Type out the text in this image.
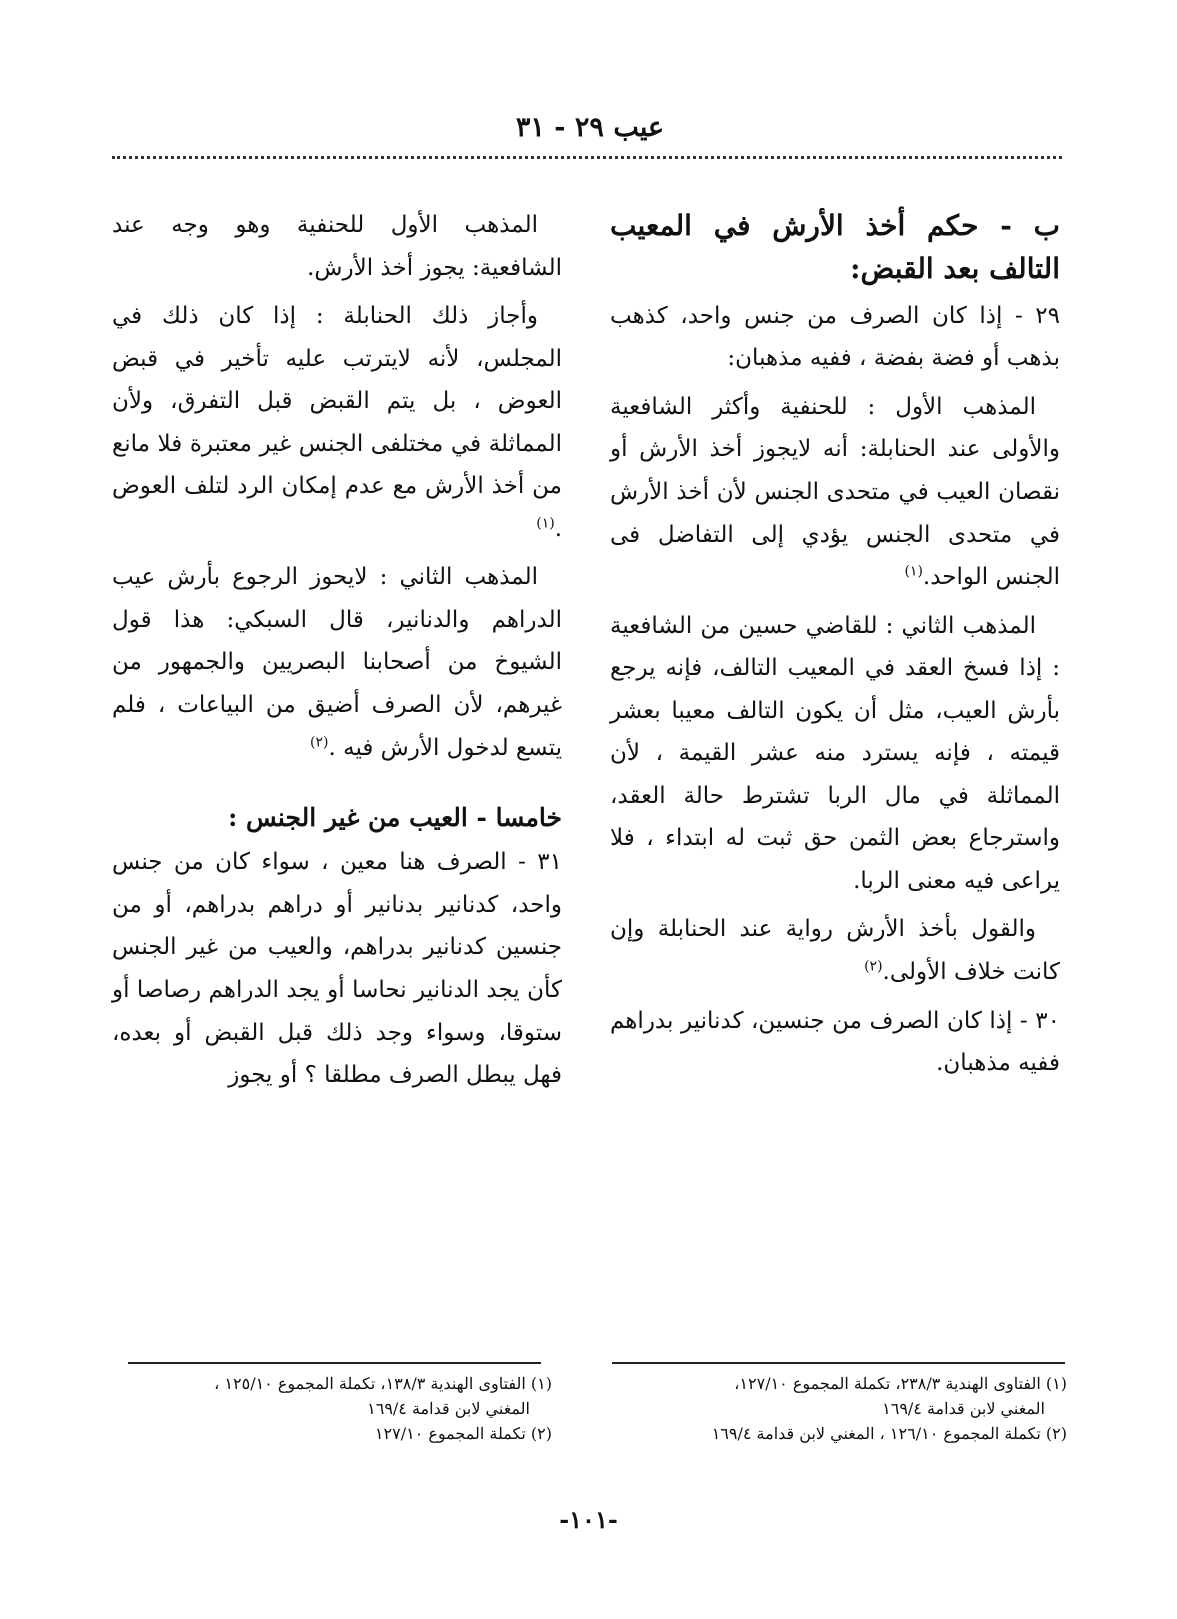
عيب ٢٩ - ٣١
ب - حكم أخذ الأرش في المعيب التالف بعد القبض:

٢٩ - إذا كان الصرف من جنس واحد، كذهب بذهب أو فضة بفضة ، ففيه مذهبان:

المذهب الأول : للحنفية وأكثر الشافعية والأولى عند الحنابلة: أنه لايجوز أخذ الأرش أو نقصان العيب في متحدى الجنس لأن أخذ الأرش في متحدى الجنس يؤدي إلى التفاضل فى الجنس الواحد.$^{(١)}$

المذهب الثاني : للقاضي حسين من الشافعية : إذا فسخ العقد في المعيب التالف، فإنه يرجع بأرش العيب، مثل أن يكون التالف معيبا بعشر قيمته ، فإنه يسترد منه عشر القيمة ، لأن المماثلة في مال الربا تشترط حالة العقد، واسترجاع بعض الثمن حق ثبت له ابتداء ، فلا يراعى فيه معنى الربا.

والقول بأخذ الأرش رواية عند الحنابلة وإن كانت خلاف الأولى.$^{(٢)}$

٣٠ - إذا كان الصرف من جنسين، كدنانير بدراهم ففيه مذهبان.

المذهب الأول للحنفية وهو وجه عند الشافعية: يجوز أخذ الأرش.

وأجاز ذلك الحنابلة : إذا كان ذلك في المجلس، لأنه لايترتب عليه تأخير في قبض العوض ، بل يتم القبض قبل التفرق، ولأن المماثلة في مختلفى الجنس غير معتبرة فلا مانع من أخذ الأرش مع عدم إمكان الرد لتلف العوض .$^{(١)}$

المذهب الثاني : لايحوز الرجوع بأرش عيب الدراهم والدنانير، قال السبكي: هذا قول الشيوخ من أصحابنا البصريين والجمهور من غيرهم، لأن الصرف أضيق من البياعات ، فلم يتسع لدخول الأرش فيه .$^{(٢)}$

خامسا - العيب من غير الجنس :

٣١ - الصرف هنا معين ، سواء كان من جنس واحد، كدنانير بدنانير أو دراهم بدراهم، أو من جنسين كدنانير بدراهم، والعيب من غير الجنس كأن يجد الدنانير نحاسا أو يجد الدراهم رصاصا أو ستوقا، وسواء وجد ذلك قبل القبض أو بعده، فهل يبطل الصرف مطلقا ؟ أو يجوز

(١) الفتاوى الهندية ٢٣٨/٣، تكملة المجموع ١٢٧/١٠،
المغني لابن قدامة ١٦٩/٤
(٢) تكملة المجموع ١٢٦/١٠ ، المغني لابن قدامة ١٦٩/٤
(١) الفتاوى الهندية ١٣٨/٣، تكملة المجموع ١٢٥/١٠ ،
المغني لابن قدامة ١٦٩/٤
(٢) تكملة المجموع ١٢٧/١٠
-١٠١-
